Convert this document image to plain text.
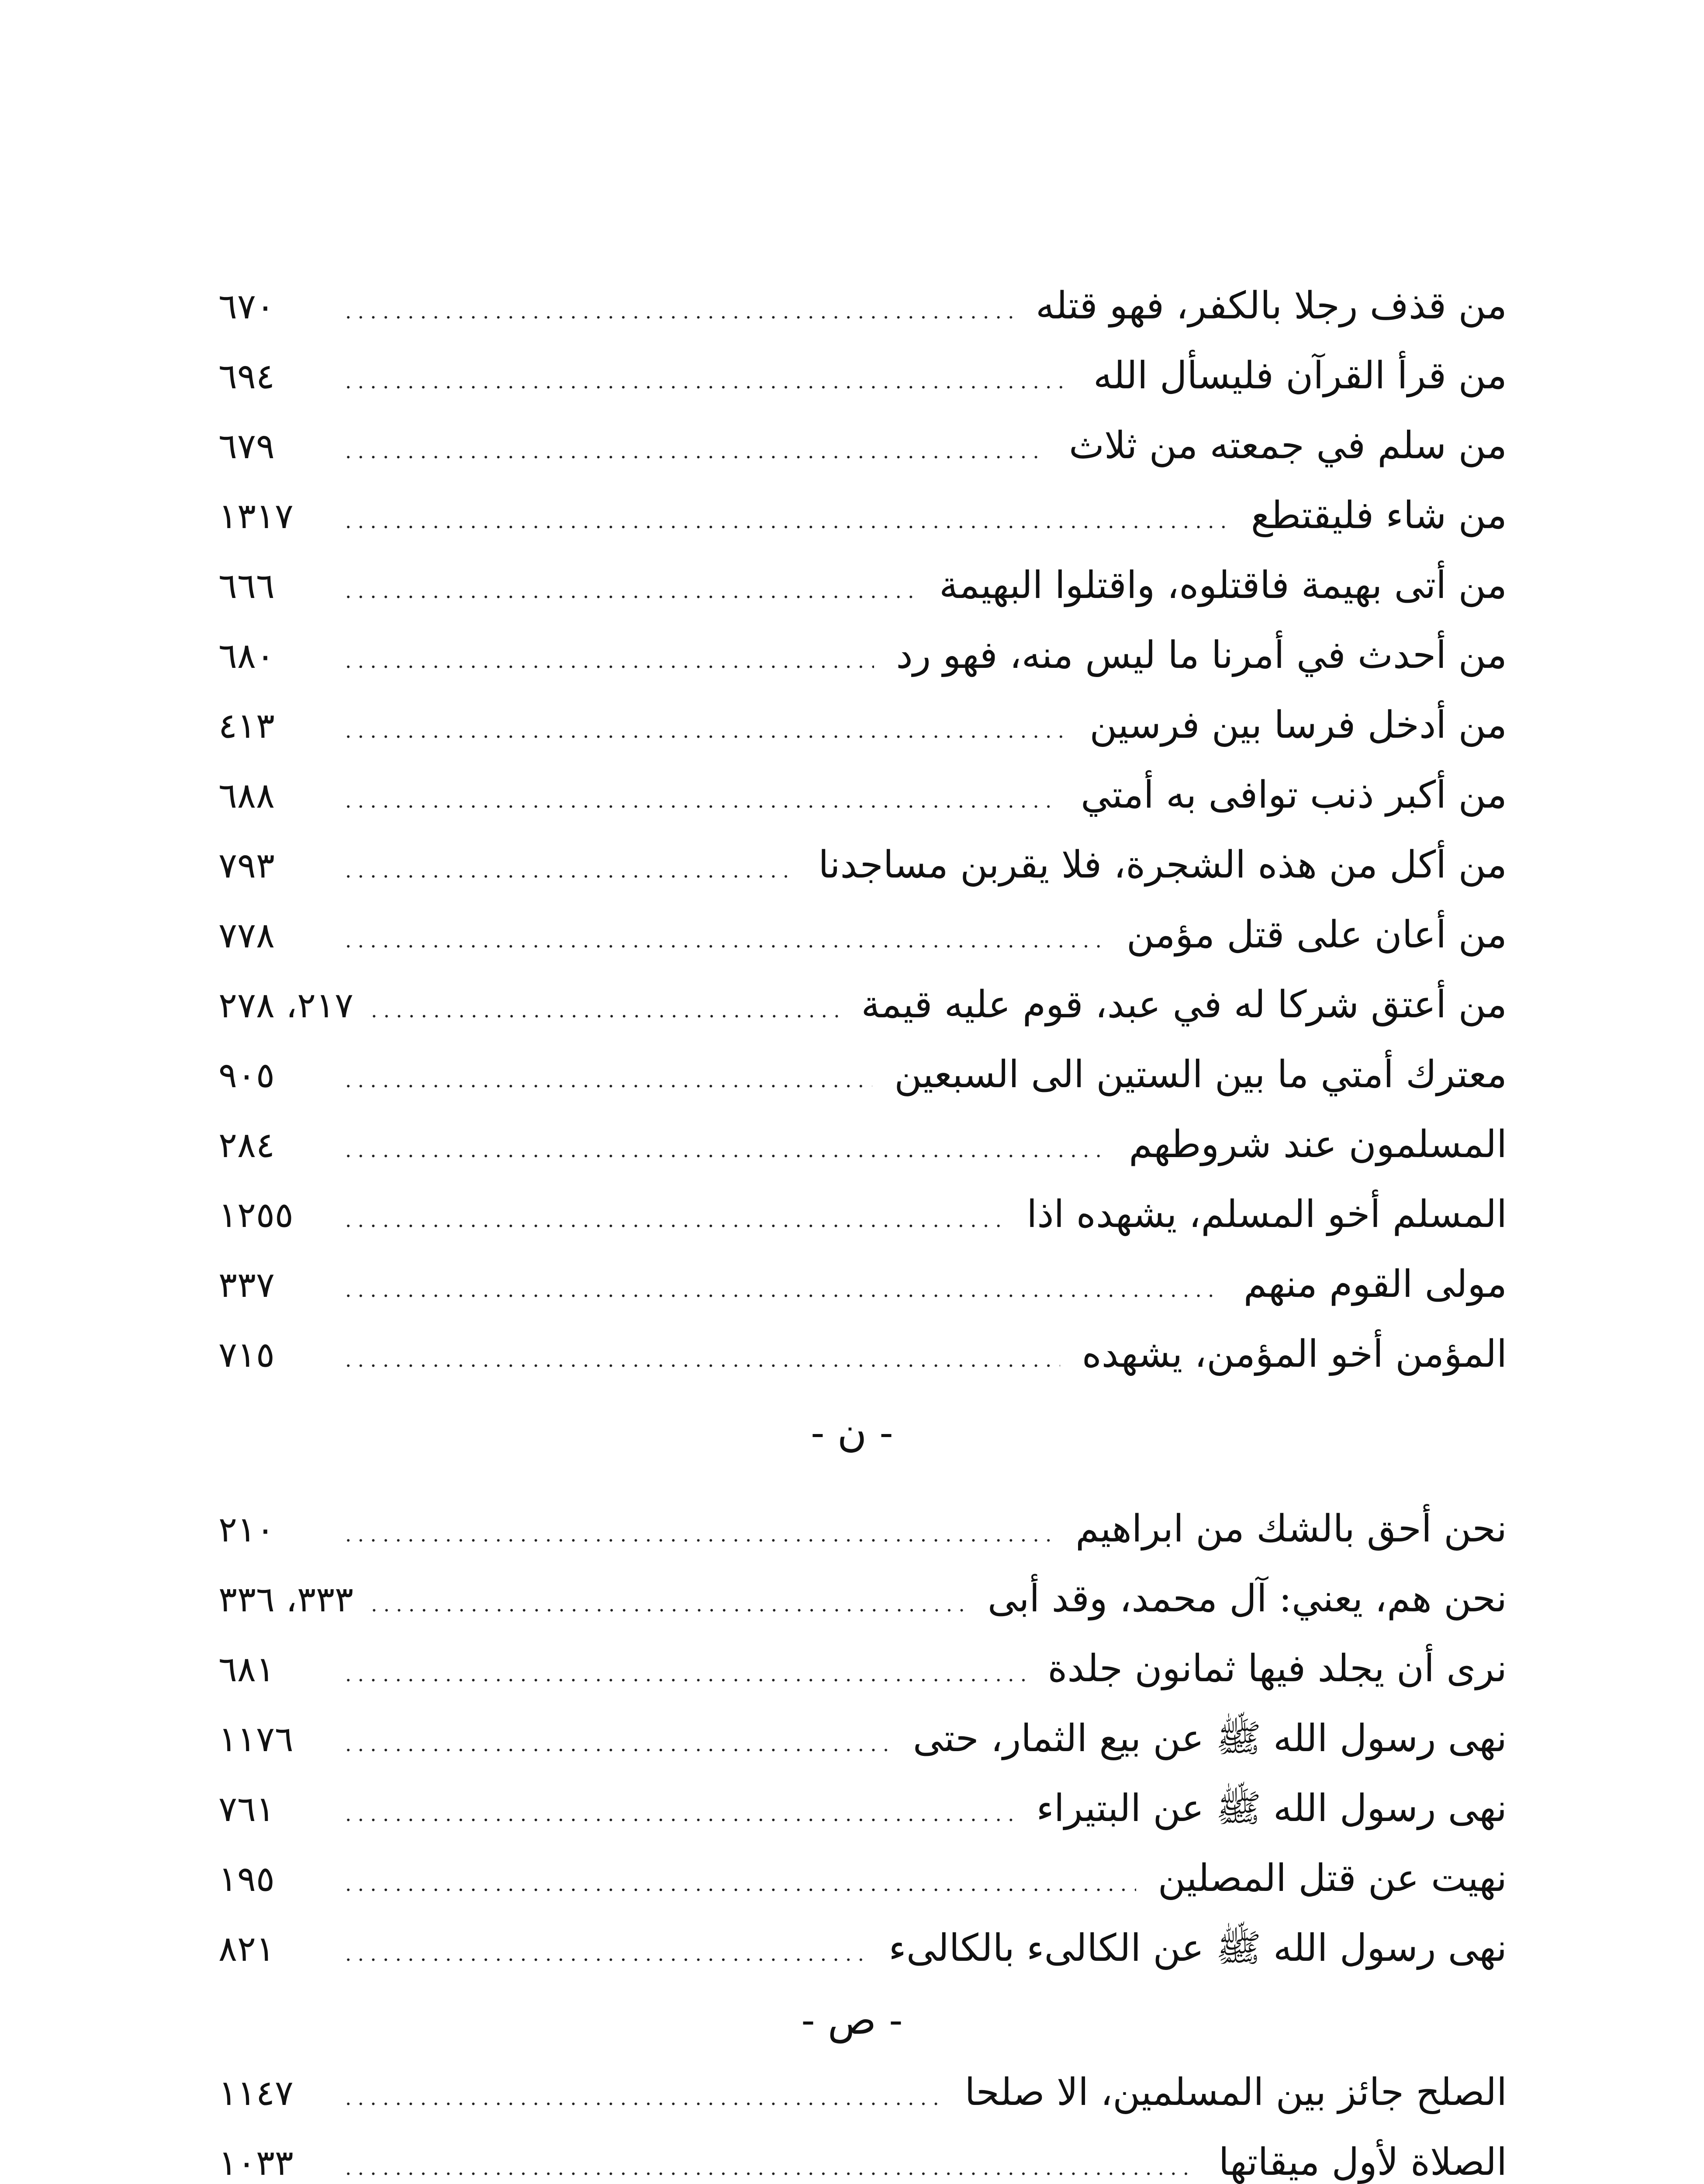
٦٧٠ .....	من قذف رجلا بالكفر، فهو قتله
٦٩٤ .....	من قرأ القرآن فليسأل الله
٦٧٩ .....	من سلم في جمعته من ثلاث
١٣١٧ .....	من شاء فليقتطع
٦٦٦ .....	من أتى بهيمة فاقتلوه، واقتلوا البهيمة
٦٨٠ .....	من أحدث في أمرنا ما ليس منه، فهو رد
٤١٣ .....	من أدخل فرسا بين فرسين
٦٨٨ .....	من أكبر ذنب توافى به أمتي
٧٩٣ .....	من أكل من هذه الشجرة، فلا يقربن مساجدنا
٧٧٨ .....	من أعان على قتل مؤمن
٢١٧، ٢٧٨ .....	من أعتق شركا له في عبد، قوم عليه قيمة
٩٠٥ .....	معترك أمتي ما بين الستين الى السبعين
٢٨٤ .....	المسلمون عند شروطهم
١٢٥٥ .....	المسلم أخو المسلم، يشهده اذا
٣٣٧ .....	مولى القوم منهم
٧١٥ .....	المؤمن أخو المؤمن، يشهده
- ن -
٢١٠ .....	نحن أحق بالشك من ابراهيم
٣٣٣، ٣٣٦ .....	نحن هم، يعني: آل محمد، وقد أبى
٦٨١ .....	نرى أن يجلد فيها ثمانون جلدة
١١٧٦ .....	نهى رسول الله ﷺ عن بيع الثمار، حتى
٧٦١ .....	نهى رسول الله ﷺ عن البتيراء
١٩٥ .....	نهيت عن قتل المصلين
٨٢١ .....	نهى رسول الله ﷺ عن الكالىء بالكالىء
- ص -
١١٤٧ .....	الصلح جائز بين المسلمين، الا صلحا
١٠٣٣ .....	الصلاة لأول ميقاتها
